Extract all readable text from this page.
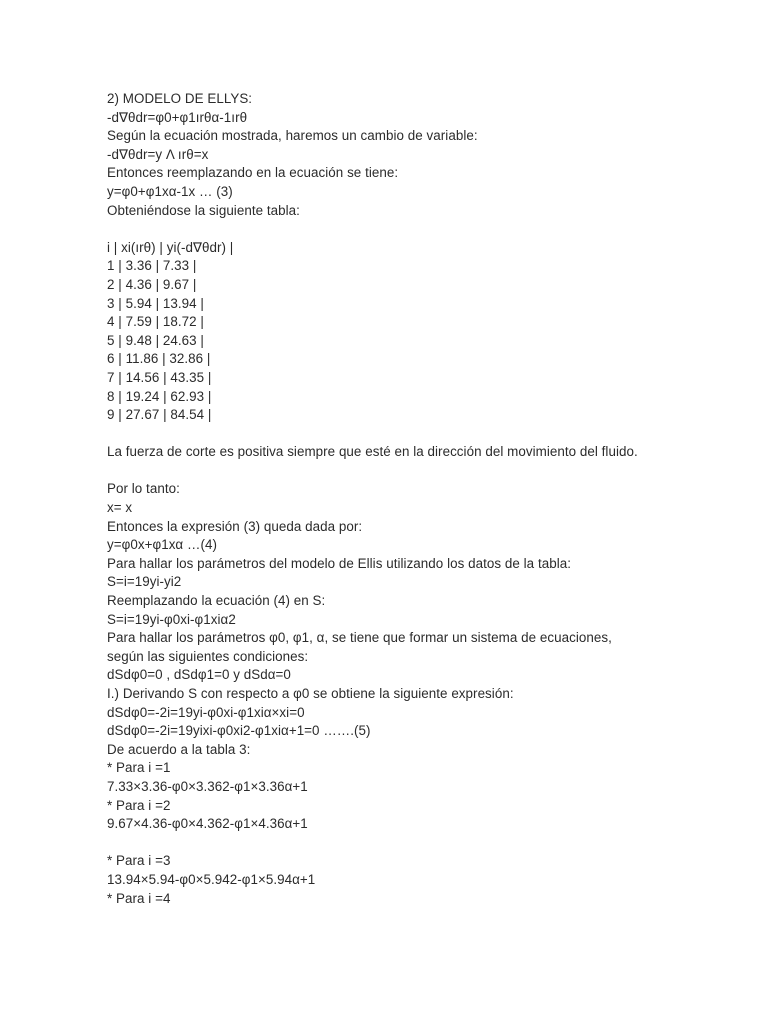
2) MODELO DE ELLYS:
-d∇θdr=φ0+φ1ırθα-1ırθ
Según la ecuación mostrada, haremos un cambio de variable:
-d∇θdr=y Λ ırθ=x
Entonces reemplazando en la ecuación se tiene:
y=φ0+φ1xα-1x … (3)
Obteniéndose la siguiente tabla:
i | xi(ırθ) | yi(-d∇θdr) |
1 | 3.36 | 7.33 |
2 | 4.36 | 9.67 |
3 | 5.94 | 13.94 |
4 | 7.59 | 18.72 |
5 | 9.48 | 24.63 |
6 | 11.86 | 32.86 |
7 | 14.56 | 43.35 |
8 | 19.24 | 62.93 |
9 | 27.67 | 84.54 |
La fuerza de corte es positiva siempre que esté en la dirección del movimiento del fluido.
Por lo tanto:
x= x
Entonces la expresión (3) queda dada por:
y=φ0x+φ1xα …(4)
Para hallar los parámetros del modelo de Ellis utilizando los datos de la tabla:
S=i=19yi-yi2
Reemplazando la ecuación (4) en S:
S=i=19yi-φ0xi-φ1xiα2
Para hallar los parámetros φ0, φ1, α, se tiene que formar un sistema de ecuaciones,
según las siguientes condiciones:
dSdφ0=0 , dSdφ1=0 y dSdα=0
I.) Derivando S con respecto a φ0 se obtiene la siguiente expresión:
dSdφ0=-2i=19yi-φ0xi-φ1xiα×xi=0
dSdφ0=-2i=19yixi-φ0xi2-φ1xiα+1=0 …….(5)
De acuerdo a la tabla 3:
* Para i =1
7.33×3.36-φ0×3.362-φ1×3.36α+1
* Para i =2
9.67×4.36-φ0×4.362-φ1×4.36α+1
* Para i =3
13.94×5.94-φ0×5.942-φ1×5.94α+1
* Para i =4
